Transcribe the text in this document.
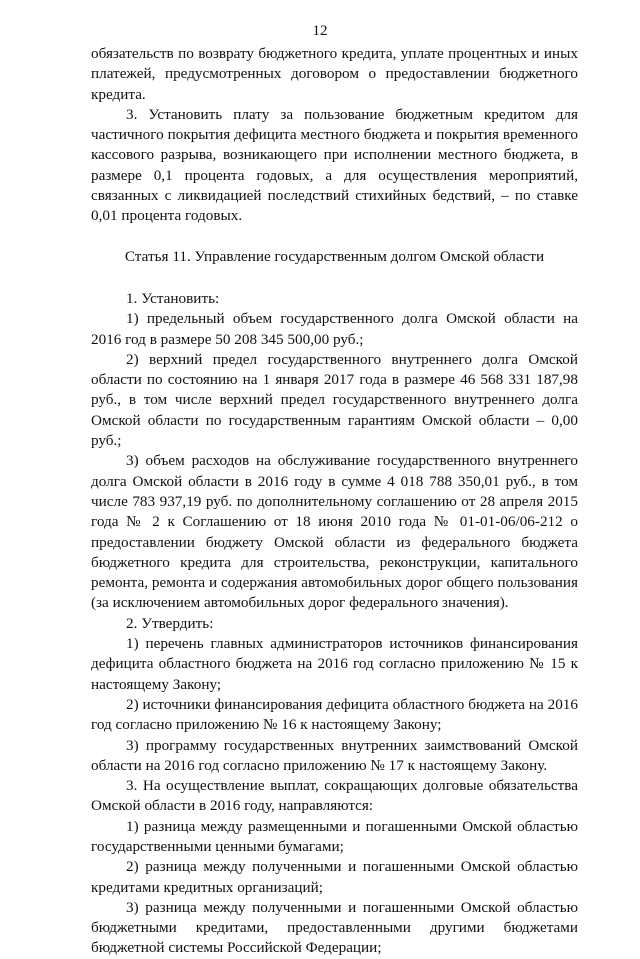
12

обязательств по возврату бюджетного кредита, уплате процентных и иных платежей, предусмотренных договором о предоставлении бюджетного кредита.

3. Установить плату за пользование бюджетным кредитом для частичного покрытия дефицита местного бюджета и покрытия временного кассового разрыва, возникающего при исполнении местного бюджета, в размере 0,1 процента годовых, а для осуществления мероприятий, связанных с ликвидацией последствий стихийных бедствий, – по ставке 0,01 процента годовых.

Статья 11. Управление государственным долгом Омской области

1. Установить:

1) предельный объем государственного долга Омской области на 2016 год в размере 50 208 345 500,00 руб.;

2) верхний предел государственного внутреннего долга Омской области по состоянию на 1 января 2017 года в размере 46 568 331 187,98 руб., в том числе верхний предел государственного внутреннего долга Омской области по государственным гарантиям Омской области – 0,00 руб.;

3) объем расходов на обслуживание государственного внутреннего долга Омской области в 2016 году в сумме 4 018 788 350,01 руб., в том числе 783 937,19 руб. по дополнительному соглашению от 28 апреля 2015 года № 2 к Соглашению от 18 июня 2010 года № 01-01-06/06-212 о предоставлении бюджету Омской области из федерального бюджета бюджетного кредита для строительства, реконструкции, капитального ремонта, ремонта и содержания автомобильных дорог общего пользования (за исключением автомобильных дорог федерального значения).

2. Утвердить:

1) перечень главных администраторов источников финансирования дефицита областного бюджета на 2016 год согласно приложению № 15 к настоящему Закону;

2) источники финансирования дефицита областного бюджета на 2016 год согласно приложению № 16 к настоящему Закону;

3) программу государственных внутренних заимствований Омской области на 2016 год согласно приложению № 17 к настоящему Закону.

3. На осуществление выплат, сокращающих долговые обязательства Омской области в 2016 году, направляются:

1) разница между размещенными и погашенными Омской областью государственными ценными бумагами;

2) разница между полученными и погашенными Омской областью кредитами кредитных организаций;

3) разница между полученными и погашенными Омской областью бюджетными кредитами, предоставленными другими бюджетами бюджетной системы Российской Федерации;
